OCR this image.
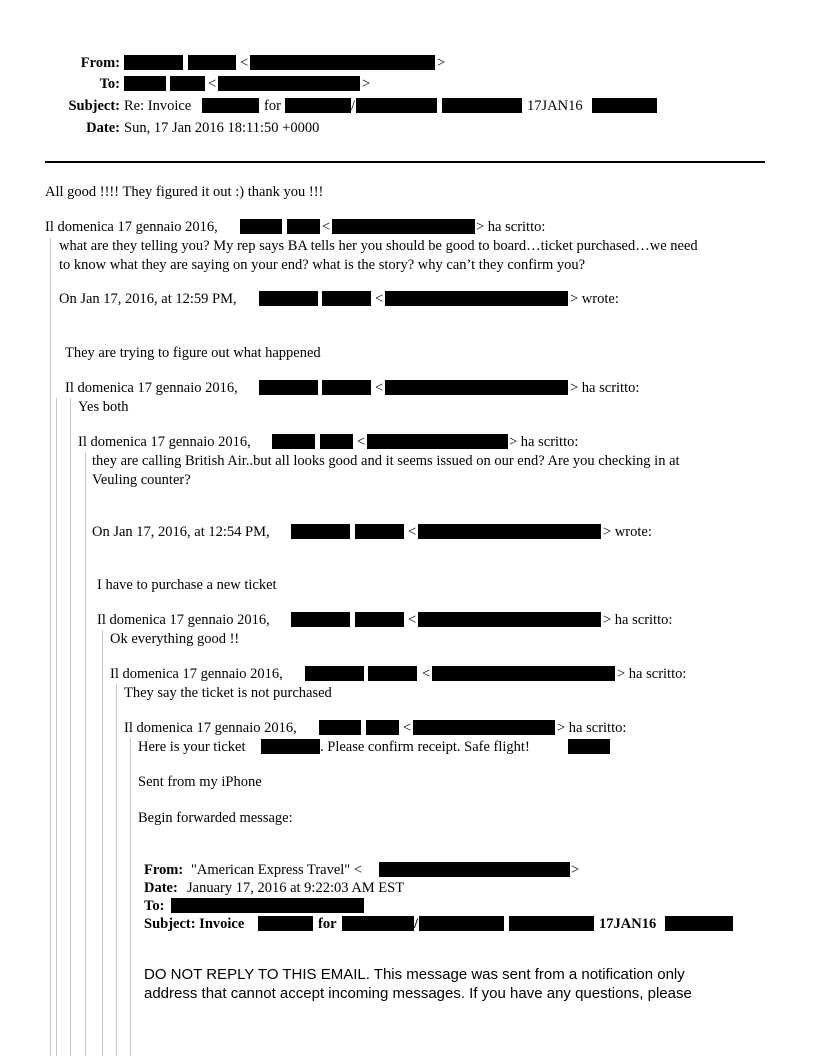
From:	<	>
To:	<	>
Subject: Re: Invoice	for	/	17JAN16
Date: Sun, 17 Jan 2016 18:11:50 +0000
All good !!!! They figured it out :) thank you !!!
Il domenica 17 gennaio 2016,	<	> ha scritto:
what are they telling you? My rep says BA tells her you should be good to board…ticket purchased…we need
to know what they are saying on your end? what is the story? why can’t they confirm you?
On Jan 17, 2016, at 12:59 PM,	<	> wrote:
They are trying to figure out what happened
Il domenica 17 gennaio 2016,	<	> ha scritto:
Yes both
Il domenica 17 gennaio 2016,	<	> ha scritto:
they are calling British Air..but all looks good and it seems issued on our end? Are you checking in at
Veuling counter?
On Jan 17, 2016, at 12:54 PM,	<	> wrote:
I have to purchase a new ticket
Il domenica 17 gennaio 2016,	<	> ha scritto:
Ok everything good !!
Il domenica 17 gennaio 2016,	<	> ha scritto:
They say the ticket is not purchased
Il domenica 17 gennaio 2016,	<	> ha scritto:
Here is your ticket	. Please confirm receipt. Safe flight!
Sent from my iPhone
Begin forwarded message:
From: "American Express Travel" <	>
Date: January 17, 2016 at 9:22:03 AM EST
To:
Subject: Invoice	for	/	17JAN16
DO NOT REPLY TO THIS EMAIL. This message was sent from a notification only
address that cannot accept incoming messages. If you have any questions, please
